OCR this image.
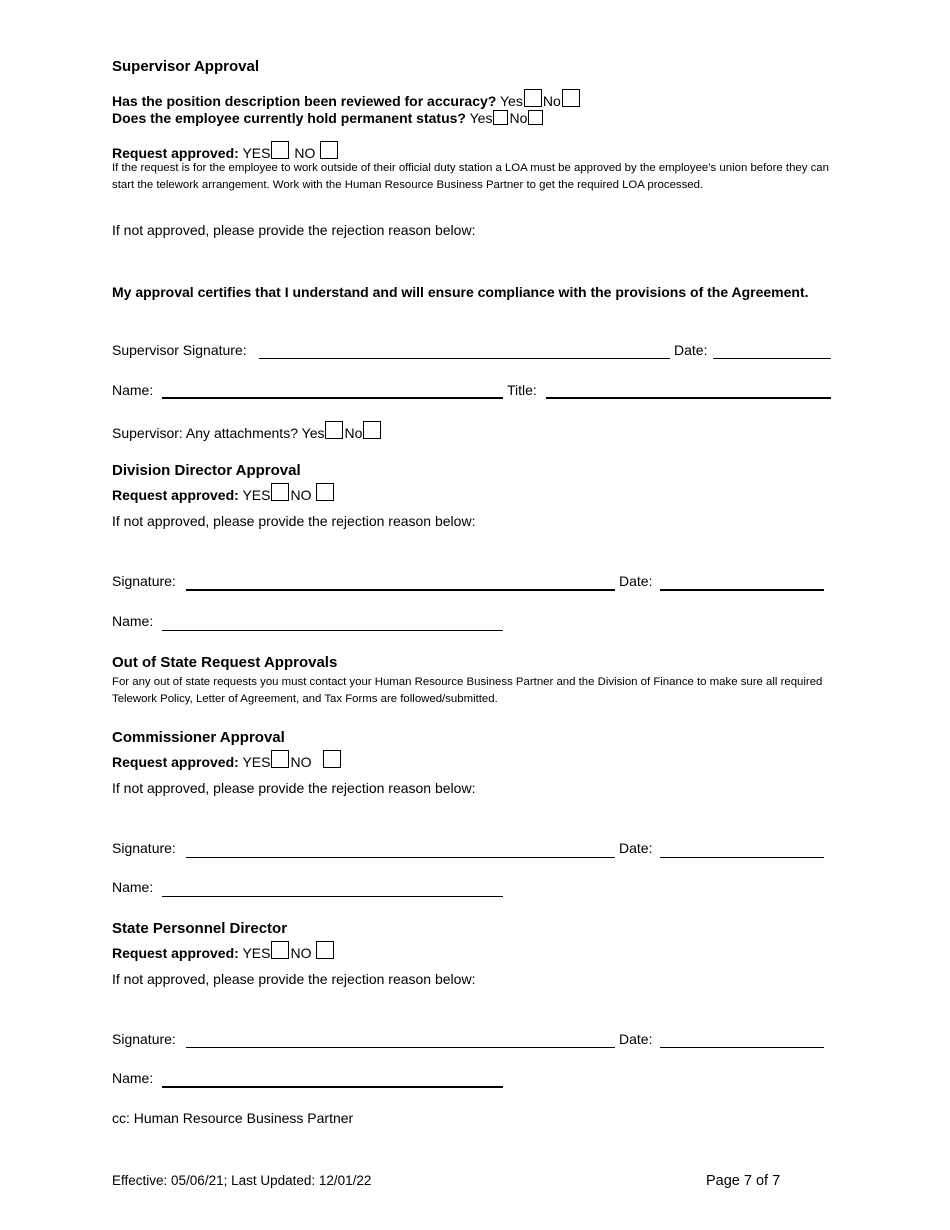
Supervisor Approval
Has the position description been reviewed for accuracy? Yes No
Does the employee currently hold permanent status? Yes No
Request approved: YES NO
If the request is for the employee to work outside of their official duty station a LOA must be approved by the employee’s union before they can start the telework arrangement. Work with the Human Resource Business Partner to get the required LOA processed.
If not approved, please provide the rejection reason below:
My approval certifies that I understand and will ensure compliance with the provisions of the Agreement.
Supervisor Signature:	Date:
Name:	Title:
Supervisor: Any attachments? Yes No
Division Director Approval
Request approved: YES NO
If not approved, please provide the rejection reason below:
Signature:	Date:
Name:
Out of State Request Approvals
For any out of state requests you must contact your Human Resource Business Partner and the Division of Finance to make sure all required Telework Policy, Letter of Agreement, and Tax Forms are followed/submitted.
Commissioner Approval
Request approved: YES NO
If not approved, please provide the rejection reason below:
Signature:	Date:
Name:
State Personnel Director
Request approved: YES NO
If not approved, please provide the rejection reason below:
Signature:	Date:
Name:
cc: Human Resource Business Partner
Effective: 05/06/21; Last Updated: 12/01/22	Page 7 of 7
